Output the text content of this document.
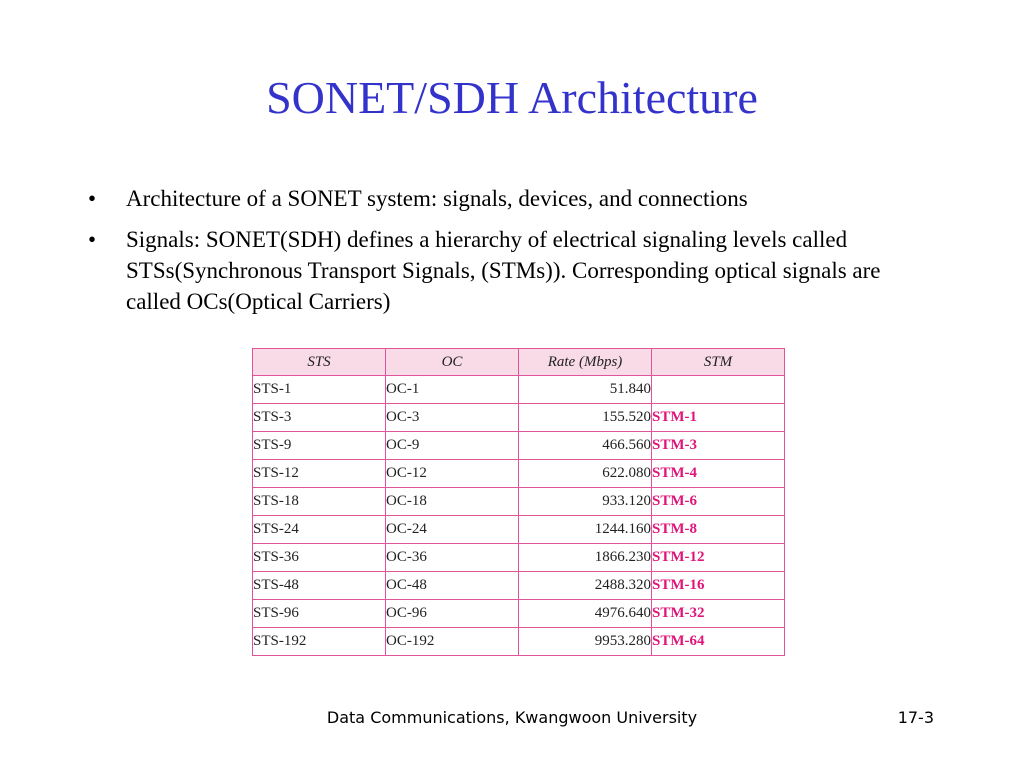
SONET/SDH Architecture
•	Architecture of a SONET system: signals, devices, and connections
•	Signals: SONET(SDH) defines a hierarchy of electrical signaling levels called STSs(Synchronous Transport Signals, (STMs)). Corresponding optical signals are called OCs(Optical Carriers)
STS	OC	Rate (Mbps)	STM
STS-1	OC-1	51.840	
STS-3	OC-3	155.520	STM-1
STS-9	OC-9	466.560	STM-3
STS-12	OC-12	622.080	STM-4
STS-18	OC-18	933.120	STM-6
STS-24	OC-24	1244.160	STM-8
STS-36	OC-36	1866.230	STM-12
STS-48	OC-48	2488.320	STM-16
STS-96	OC-96	4976.640	STM-32
STS-192	OC-192	9953.280	STM-64
Data Communications, Kwangwoon University	17-3
